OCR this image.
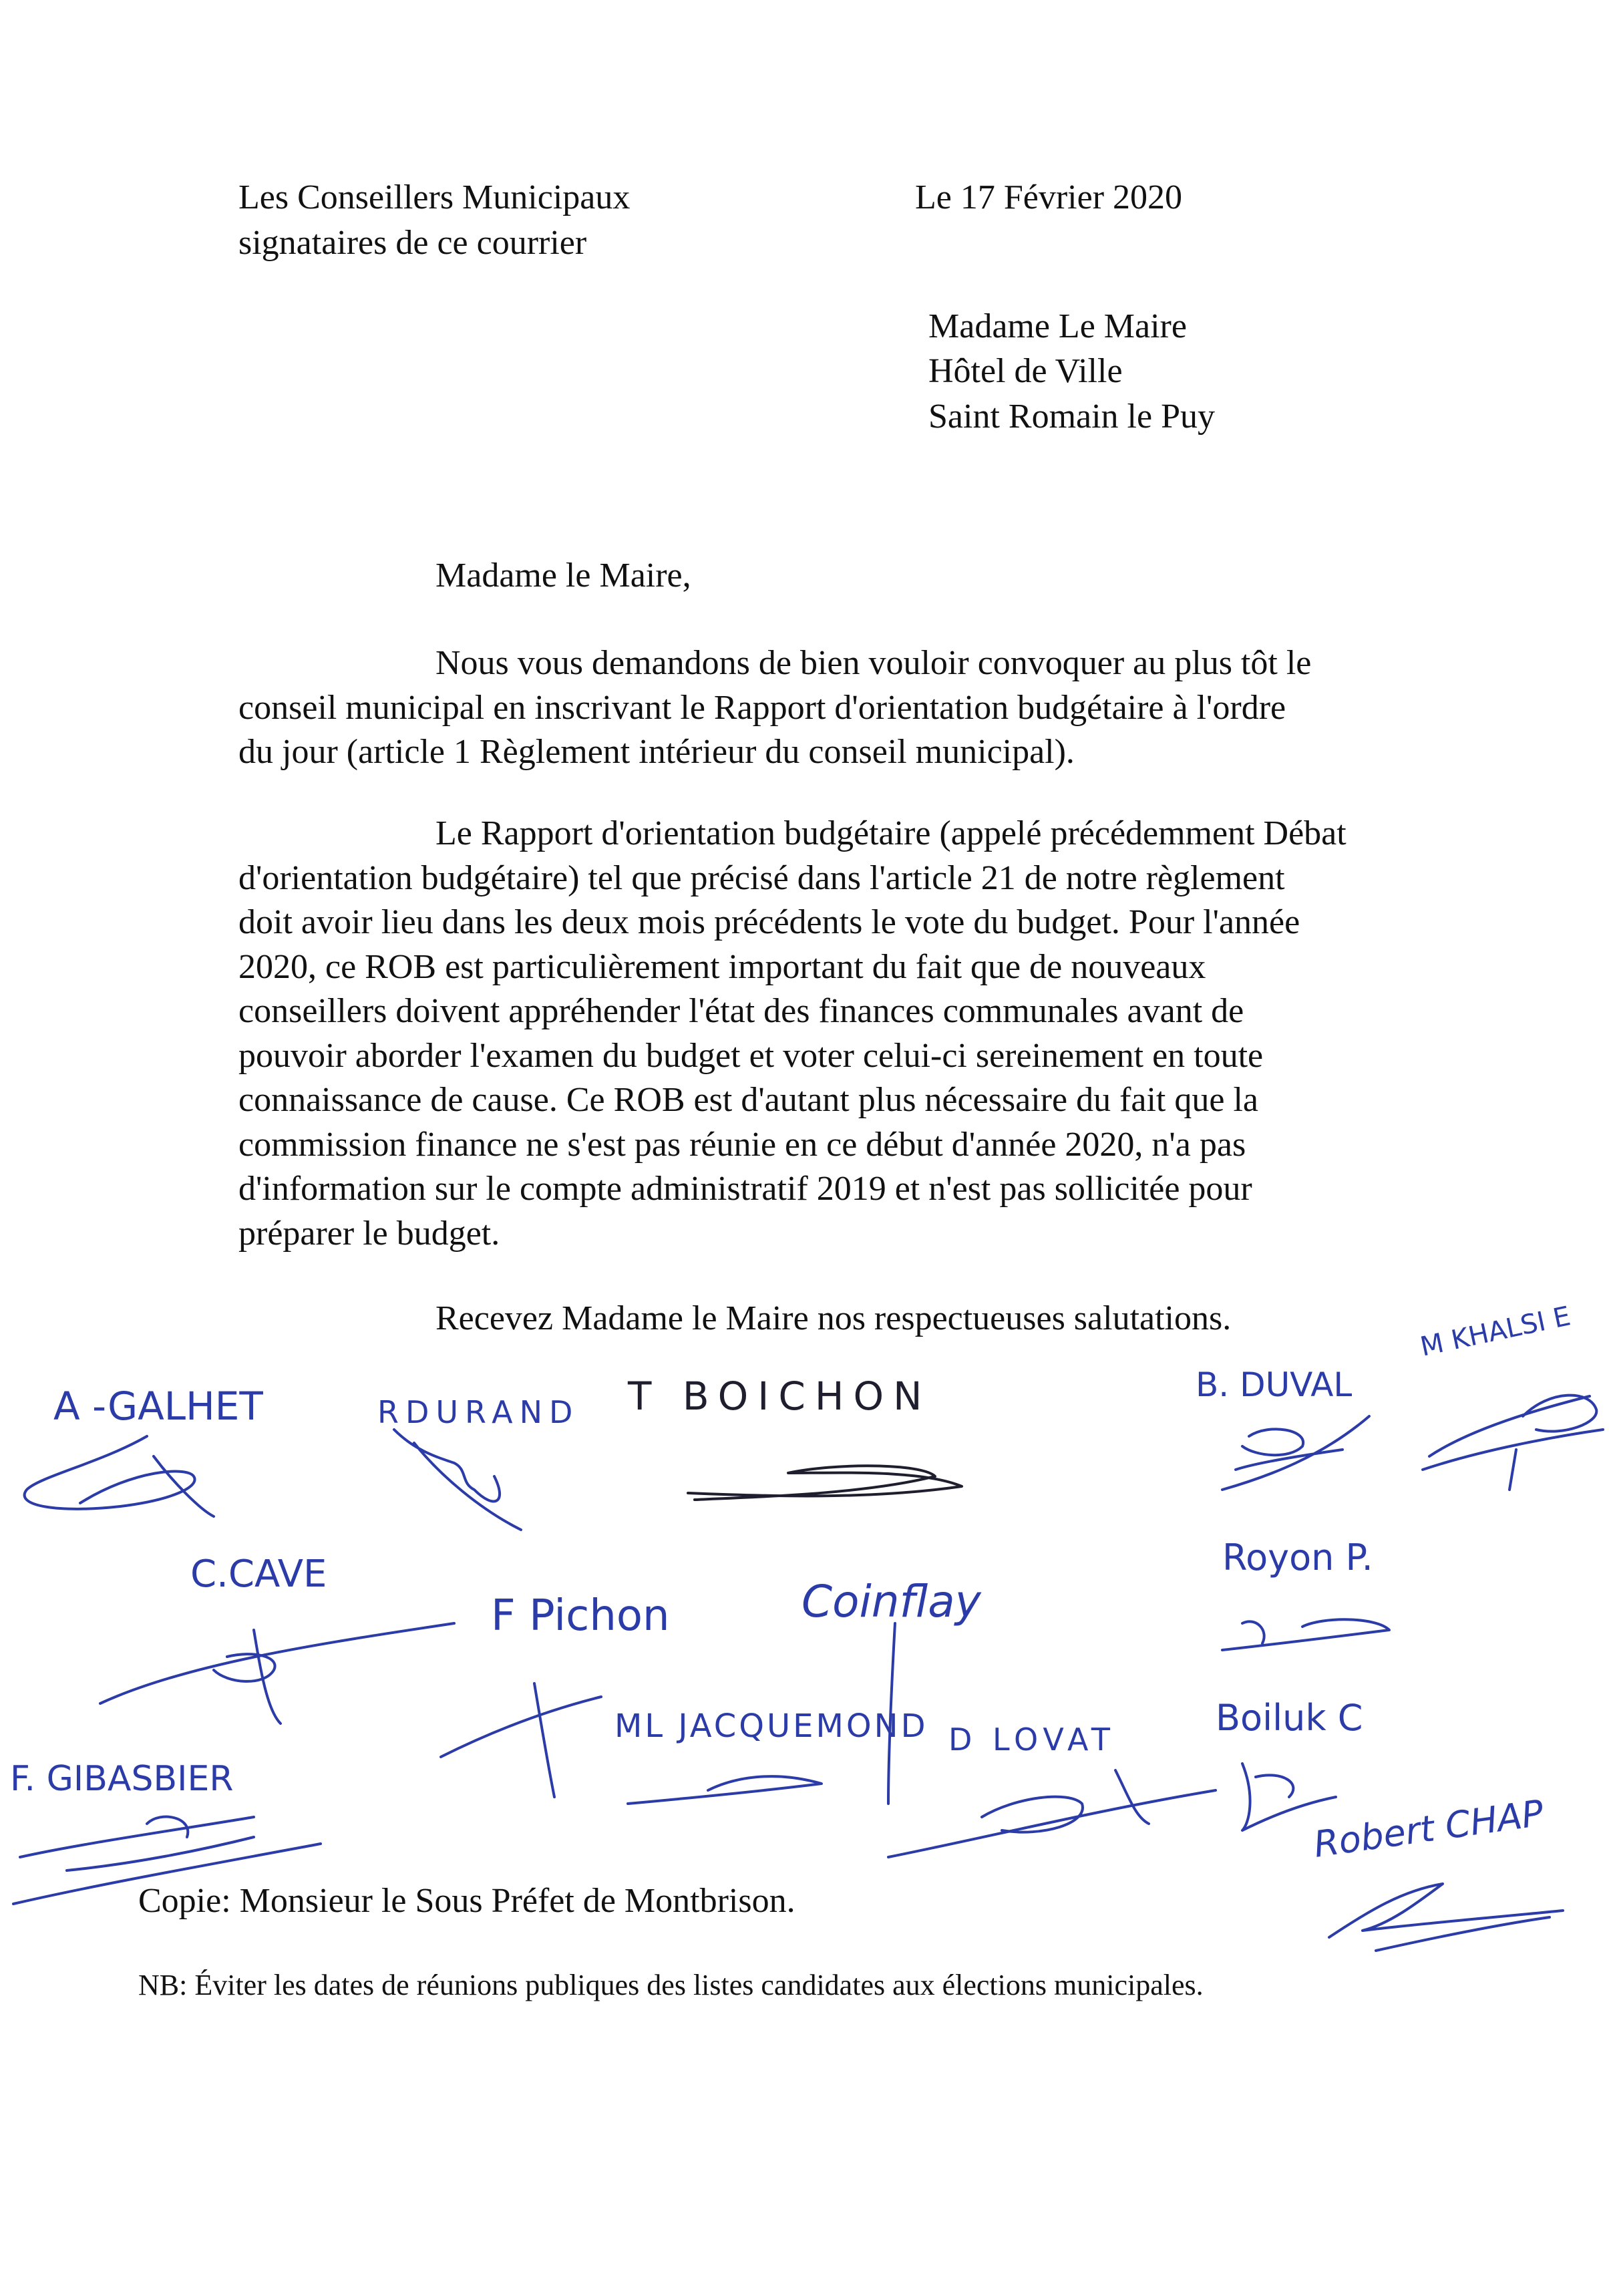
Les Conseillers Municipaux

signataires de ce courrier

Le 17 Février 2020

Madame Le Maire

Hôtel de Ville

Saint Romain le Puy

Madame le Maire,

Nous vous demandons de bien vouloir convoquer au plus tôt le
conseil municipal en inscrivant le Rapport d'orientation budgétaire à l'ordre
du jour (article 1 Règlement intérieur du conseil municipal).
Le Rapport d'orientation budgétaire (appelé précédemment Débat
d'orientation budgétaire) tel que précisé dans l'article 21 de notre règlement
doit avoir lieu dans les deux mois précédents le vote du budget. Pour l'année
2020, ce ROB est particulièrement important du fait que de nouveaux
conseillers doivent appréhender l'état des finances communales avant de
pouvoir aborder l'examen du budget et voter celui-ci sereinement en toute
connaissance de cause. Ce ROB est d'autant plus nécessaire du fait que la
commission finance ne s'est pas réunie en ce début d'année 2020, n'a pas
d'information sur le compte administratif 2019 et n'est pas sollicitée pour
préparer le budget.

Recevez Madame le Maire nos respectueuses salutations.

A -GALHET	RDURAND T BOICHON	B. DUVAL
M KHALSI E
C.CAVE
F Pichon	Coinflay
Royon P.
ML JACQUEMOND D LOVAT
Boiluk C
F. GIBASBIER
Robert CHAP

Copie: Monsieur le Sous Préfet de Montbrison.

NB: Éviter les dates de réunions publiques des listes candidates aux élections municipales.
